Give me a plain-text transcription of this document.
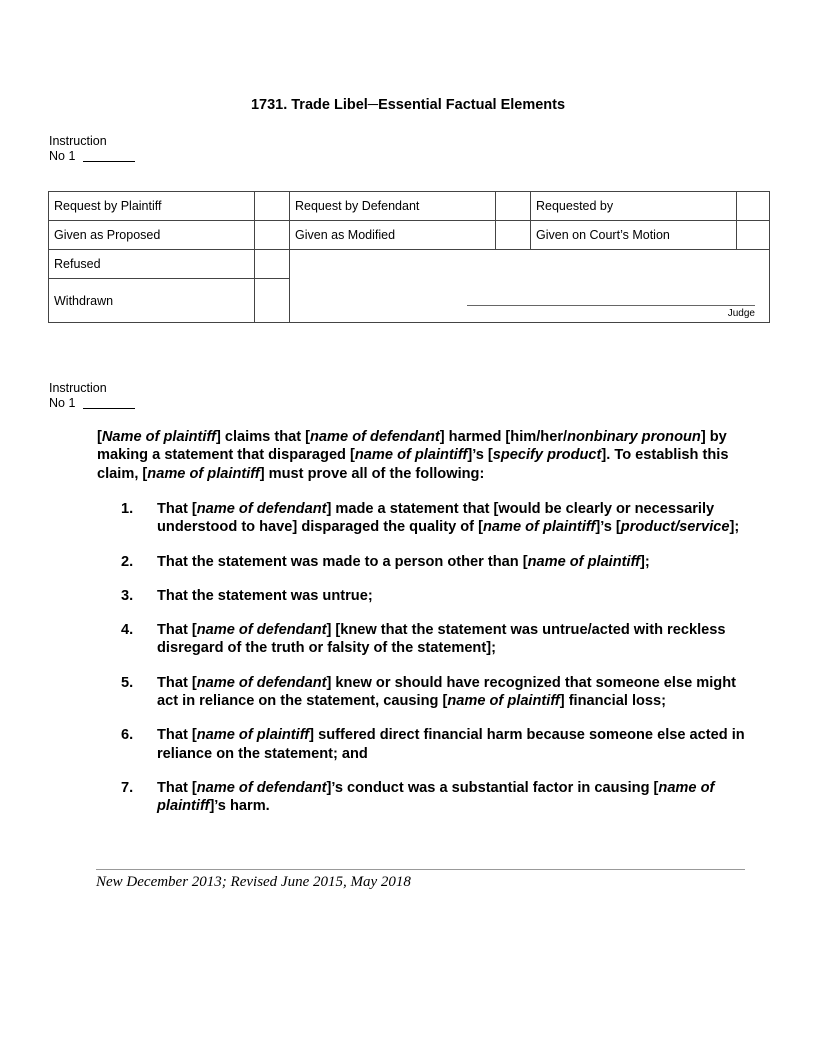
1731. Trade Libel─Essential Factual Elements
Instruction
No 1
Request by Plaintiff		Request by Defendant		Requested by	
Given as Proposed		Given as Modified		Given on Court’s Motion	
Refused		Judge			

Withdrawn					
Instruction
No 1
[Name of plaintiff] claims that [name of defendant] harmed [him/her/nonbinary pronoun] by making a statement that disparaged [name of plaintiff]’s [specify product]. To establish this claim, [name of plaintiff] must prove all of the following:
1. That [name of defendant] made a statement that [would be clearly or necessarily understood to have] disparaged the quality of [name of plaintiff]’s [product/service];
2. That the statement was made to a person other than [name of plaintiff];
3. That the statement was untrue;
4. That [name of defendant] [knew that the statement was untrue/acted with reckless disregard of the truth or falsity of the statement];
5. That [name of defendant] knew or should have recognized that someone else might act in reliance on the statement, causing [name of plaintiff] financial loss;
6. That [name of plaintiff] suffered direct financial harm because someone else acted in reliance on the statement; and
7. That [name of defendant]’s conduct was a substantial factor in causing [name of plaintiff]’s harm.
New December 2013; Revised June 2015, May 2018
